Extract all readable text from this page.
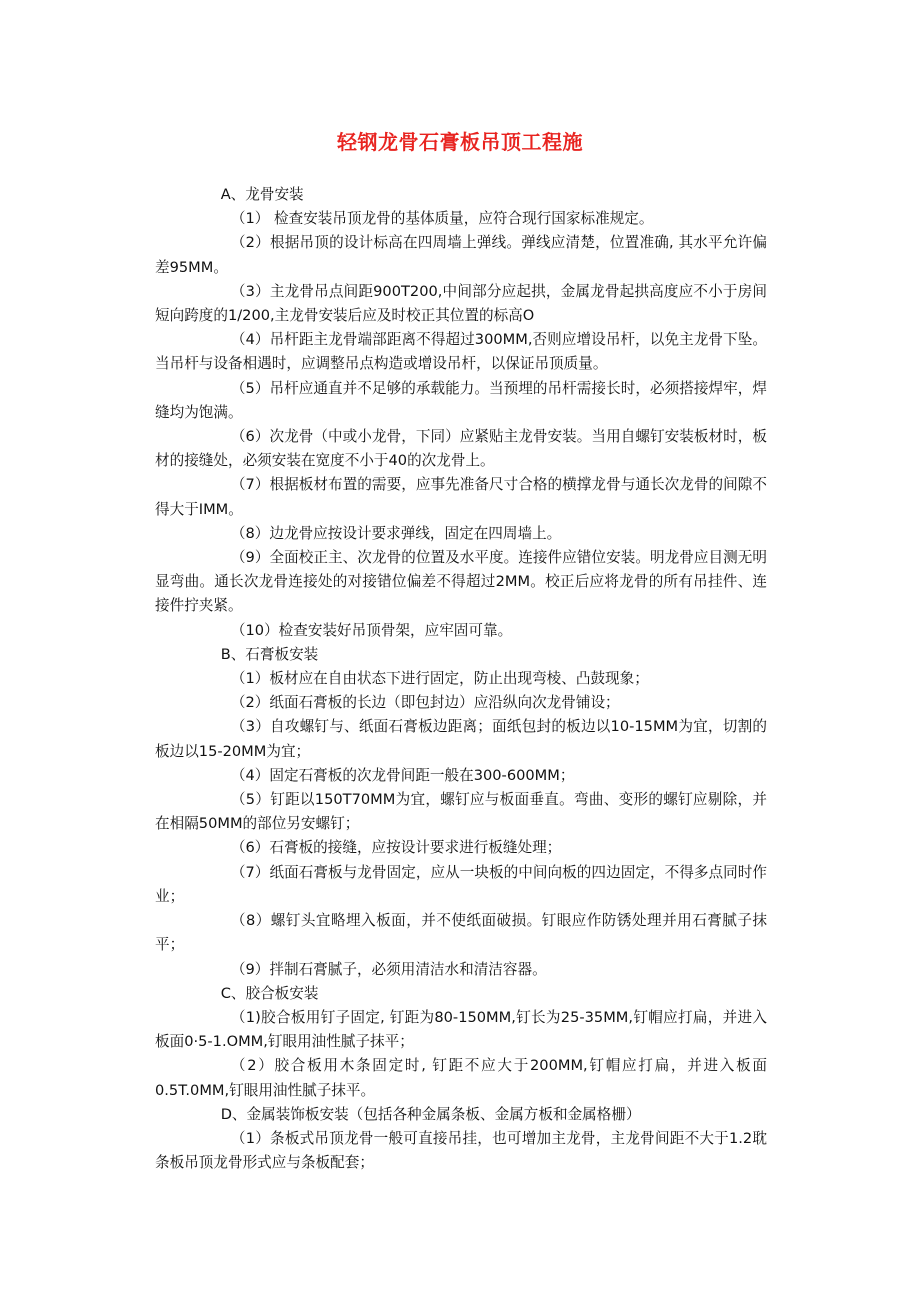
轻钢龙骨石膏板吊顶工程施

A、龙骨安装

（1） 检查安装吊顶龙骨的基体质量，应符合现行国家标准规定。

（2）根据吊顶的设计标高在四周墙上弹线。弹线应清楚，位置准确, 其水平允许偏差95MM。

（3）主龙骨吊点间距900T200,中间部分应起拱，金属龙骨起拱高度应不小于房间短向跨度的1/200,主龙骨安装后应及时校正其位置的标高O

（4）吊杆距主龙骨端部距离不得超过300MM,否则应增设吊杆，以免主龙骨下坠。当吊杆与设备相遇时，应调整吊点构造或增设吊杆，以保证吊顶质量。

（5）吊杆应通直并不足够的承载能力。当预埋的吊杆需接长时，必须搭接焊牢，焊缝均为饱满。

（6）次龙骨（中或小龙骨，下同）应紧贴主龙骨安装。当用自螺钉安装板材时，板材的接缝处，必须安装在宽度不小于40的次龙骨上。

（7）根据板材布置的需要，应事先准备尺寸合格的横撑龙骨与通长次龙骨的间隙不得大于IMM。

（8）边龙骨应按设计要求弹线，固定在四周墙上。

（9）全面校正主、次龙骨的位置及水平度。连接件应错位安装。明龙骨应目测无明显弯曲。通长次龙骨连接处的对接错位偏差不得超过2MM。校正后应将龙骨的所有吊挂件、连接件拧夹紧。

（10）检查安装好吊顶骨架，应牢固可靠。

B、石膏板安装

（1）板材应在自由状态下进行固定，防止出现弯棱、凸鼓现象；

（2）纸面石膏板的长边（即包封边）应沿纵向次龙骨铺设；

（3）自攻螺钉与、纸面石膏板边距离；面纸包封的板边以10-15MM为宜，切割的板边以15-20MM为宜；

（4）固定石膏板的次龙骨间距一般在300-600MM；

（5）钉距以150T70MM为宜，螺钉应与板面垂直。弯曲、变形的螺钉应剔除，并在相隔50MM的部位另安螺钉；

（6）石膏板的接缝，应按设计要求进行板缝处理；

（7）纸面石膏板与龙骨固定，应从一块板的中间向板的四边固定，不得多点同时作业；

（8）螺钉头宜略埋入板面，并不使纸面破损。钉眼应作防锈处理并用石膏腻子抹平；

（9）拌制石膏腻子，必须用清洁水和清洁容器。

C、胶合板安装

（1)胶合板用钉子固定, 钉距为80-150MM,钉长为25-35MM,钉帽应打扁，并进入板面0·5-1.OMM,钉眼用油性腻子抹平；

（2）胶合板用木条固定时, 钉距不应大于200MM,钉帽应打扁，并进入板面0.5T.0MM,钉眼用油性腻子抹平。

D、金属装饰板安装（包括各种金属条板、金属方板和金属格栅）

（1）条板式吊顶龙骨一般可直接吊挂，也可增加主龙骨，主龙骨间距不大于1.2耽条板吊顶龙骨形式应与条板配套；
